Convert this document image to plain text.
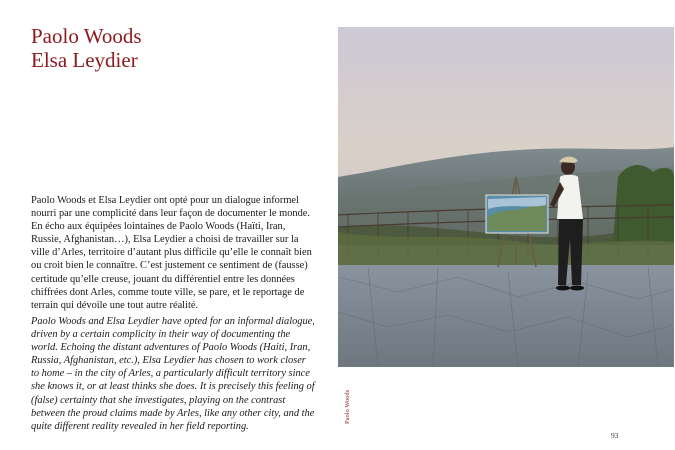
Paolo Woods
Elsa Leydier

Paolo Woods et Elsa Leydier ont opté pour un dialogue informel nourri par une complicité dans leur façon de documenter le monde. En écho aux équipées lointaines de Paolo Woods (Haïti, Iran, Russie, Afghanistan…), Elsa Leydier a choisi de travailler sur la ville d’Arles, territoire d’autant plus difficile qu’elle le connaît bien ou croit bien le connaître. C’est justement ce sentiment de (fausse) certitude qu’elle creuse, jouant du différentiel entre les données chiffrées dont Arles, comme toute ville, se pare, et le reportage de terrain qui dévoile une tout autre réalité.

Paolo Woods and Elsa Leydier have opted for an informal dialogue, driven by a certain complicity in their way of documenting the world. Echoing the distant adventures of Paolo Woods (Haiti, Iran, Russia, Afghanistan, etc.), Elsa Leydier has chosen to work closer to home – in the city of Arles, a particularly difficult territory since she knows it, or at least thinks she does. It is precisely this feeling of (false) certainty that she investigates, playing on the contrast between the proud claims made by Arles, like any other city, and the quite different reality revealed in her field reporting.

Paolo Woods
93
